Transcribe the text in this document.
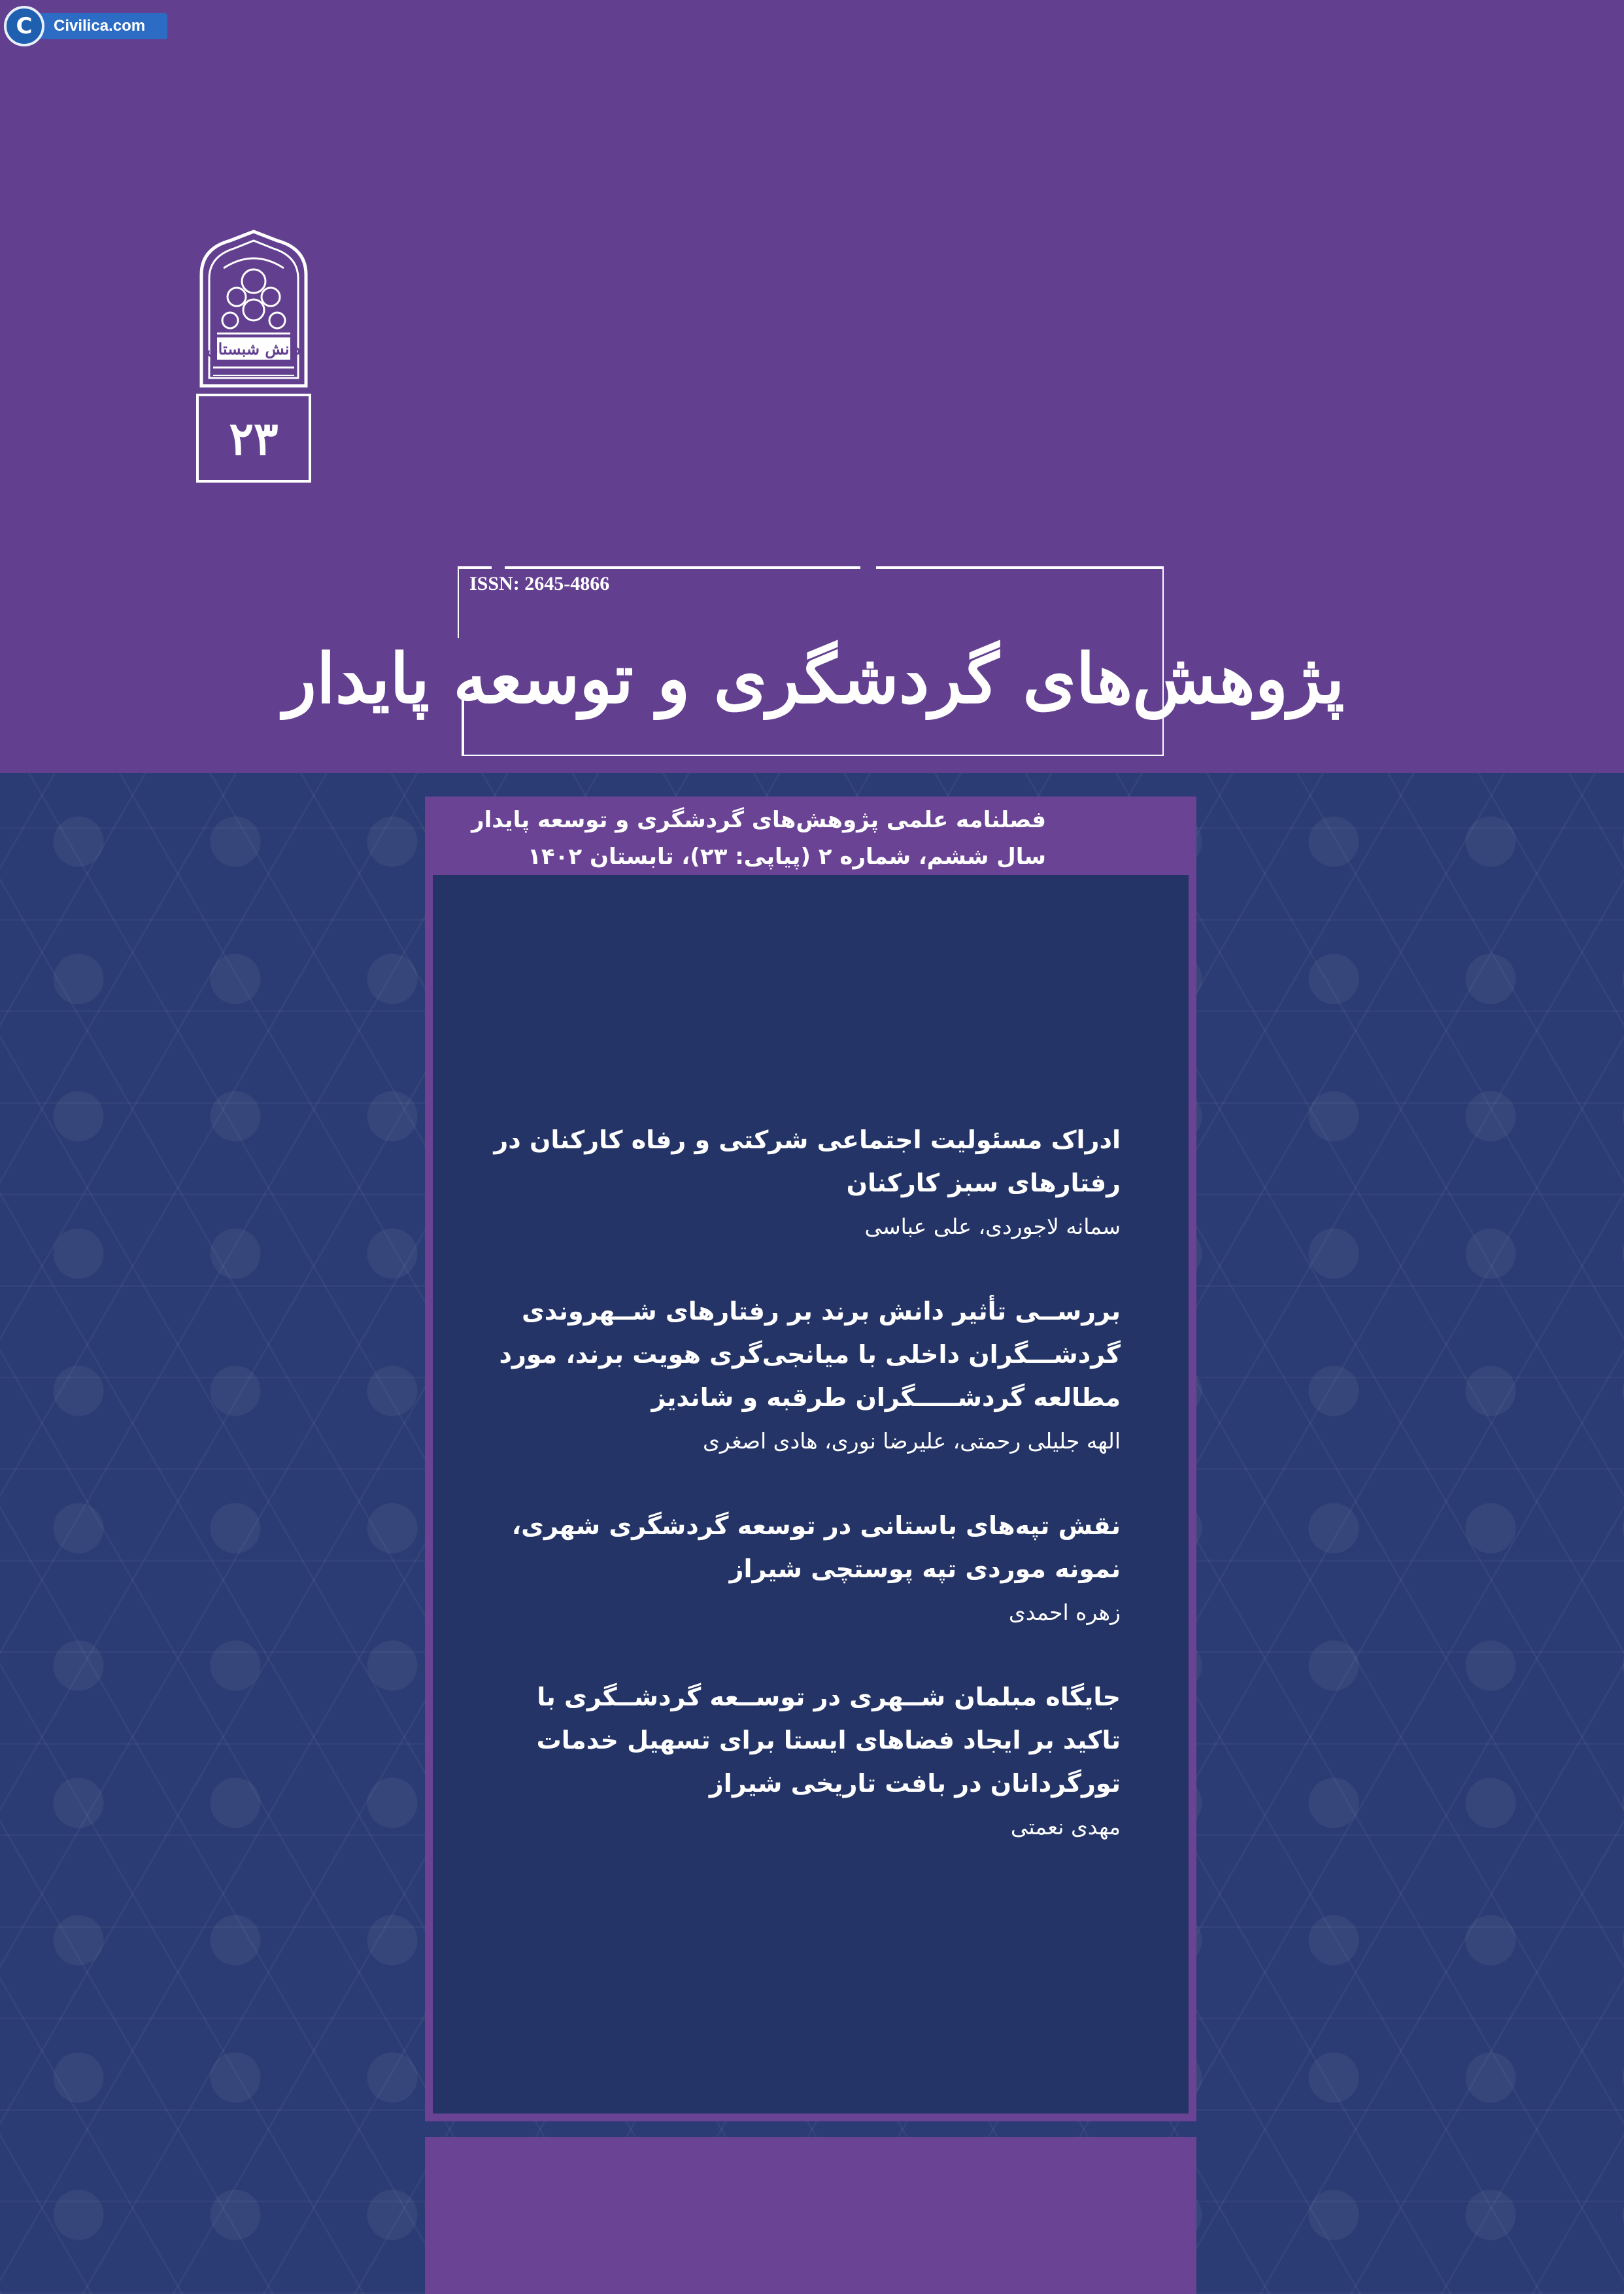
C	Civilica.com
دانش شبستان
۲۳
ISSN: 2645-4866
پژوهش‌های گردشگری و توسعه پایدار
فصلنامه علمی پژوهش‌های گردشگری و توسعه پایدار
سال ششم، شماره ۲ (پیاپی: ۲۳)، تابستان ۱۴۰۲
ادراک مسئولیت اجتماعی شرکتی و رفاه کارکنان در رفتارهای سبز کارکنان
سمانه لاجوردی، علی عباسی
بررســی تأثیر دانش برند بر رفتارهای شــهروندی گردشـــگران داخلی با میانجی‌گری هویت برند، مورد مطالعه گردشـــــگران طرقبه و شاندیز
الهه جلیلی رحمتی، علیرضا نوری، هادی اصغری
نقش تپه‌های باستانی در توسعه گردشگری شهری، نمونه موردی تپه پوستچی شیراز
زهره احمدی
جایگاه مبلمان شــهری در توســعه گردشــگری با تاکید بر ایجاد فضاهای ایستا برای تسهیل خدمات تورگردانان در بافت تاریخی شیراز
مهدی نعمتی
